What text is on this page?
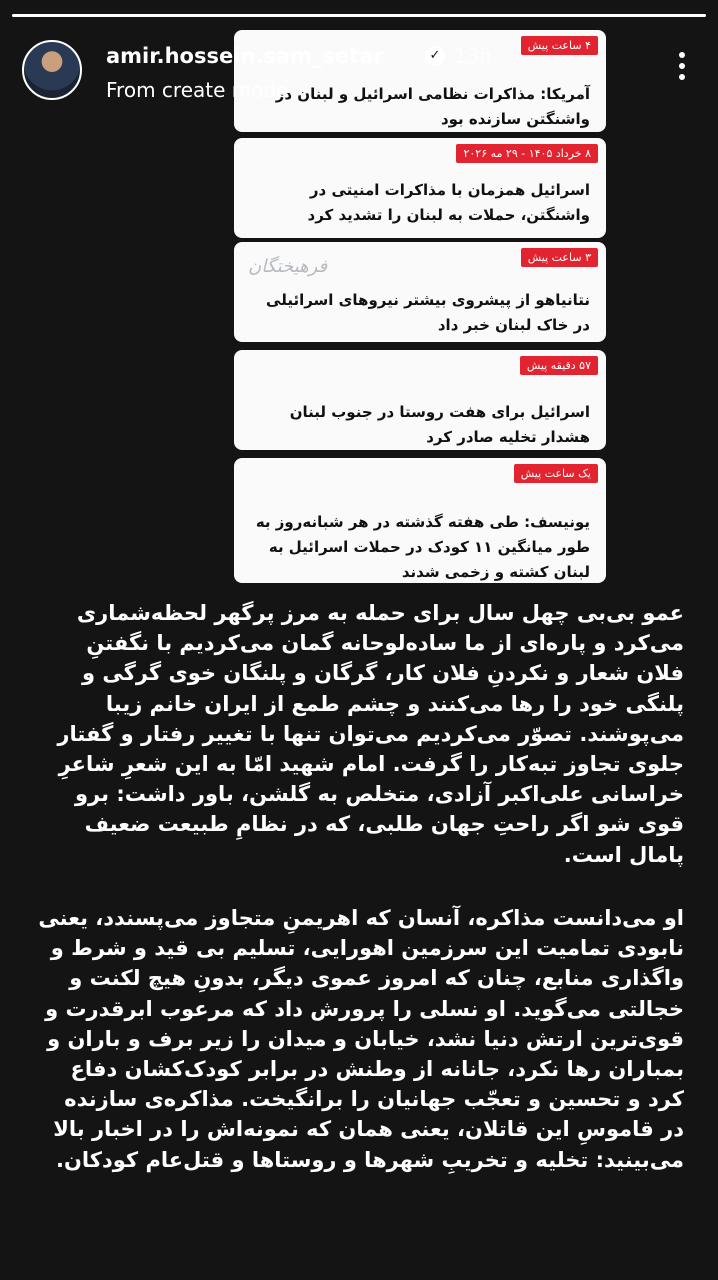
۴ ساعت پیش
آمریکا: مذاکرات نظامی اسرائیل و لبنان در واشنگتن سازنده بود
۸ خرداد ۱۴۰۵ - ۲۹ مه ۲۰۲۶
اسرائیل همزمان با مذاکرات امنیتی در واشنگتن، حملات به لبنان را تشدید کرد
۳ ساعت پیش
فرهیختگان
نتانیاهو از پیشروی بیشتر نیروهای اسرائیلی در خاک لبنان خبر داد
۵۷ دقیقه پیش
اسرائیل برای هفت روستا در جنوب لبنان هشدار تخلیه صادر کرد
یک ساعت پیش
یونیسف: طی هفته گذشته در هر شبانه‌روز به طور میانگین ۱۱ کودک در حملات اسرائیل به لبنان کشته و زخمی شدند
amir.hossein.sam_setar	✓ 13h
From create mode

عمو بی‌بی چهل سال برای حمله به مرز پرگهر لحظه‌شماری می‌کرد و پاره‌ای از ما ساده‌لوحانه گمان می‌کردیم با نگفتنِ فلان شعار و نکردنِ فلان کار، گرگان و پلنگان خوی گرگی و پلنگی خود را رها می‌کنند و چشم طمع از ایران خانم زیبا می‌پوشند. تصوّر می‌کردیم می‌توان تنها با تغییر رفتار و گفتار جلوی تجاوز تبه‌کار را گرفت. امام شهید امّا به این شعرِ شاعرِ خراسانی علی‌اکبر آزادی، متخلص به گلشن، باور داشت: برو قوی شو اگر راحتِ جهان طلبی، که در نظامِ طبیعت ضعیف پامال است.

او می‌دانست مذاکره، آنسان که اهریمنِ متجاوز می‌پسندد، یعنی نابودی تمامیت این سرزمین اهورایی، تسلیم بی قید و شرط و واگذاری منابع، چنان که امروز عموی دیگر، بدونِ هیچ لکنت و خجالتی می‌گوید. او نسلی را پرورش داد که مرعوب ابرقدرت و قوی‌ترین ارتش دنیا نشد، خیابان و میدان را زیر برف و باران و بمباران رها نکرد، جانانه از وطنش در برابر کودک‌کشان دفاع کرد و تحسین و تعجّب جهانیان را برانگیخت. مذاکره‌ی سازنده در قاموسِ این قاتلان، یعنی همان که نمونه‌اش را در اخبار بالا می‌بینید: تخلیه و تخریبِ شهرها و روستاها و قتل‌عام کودکان.
